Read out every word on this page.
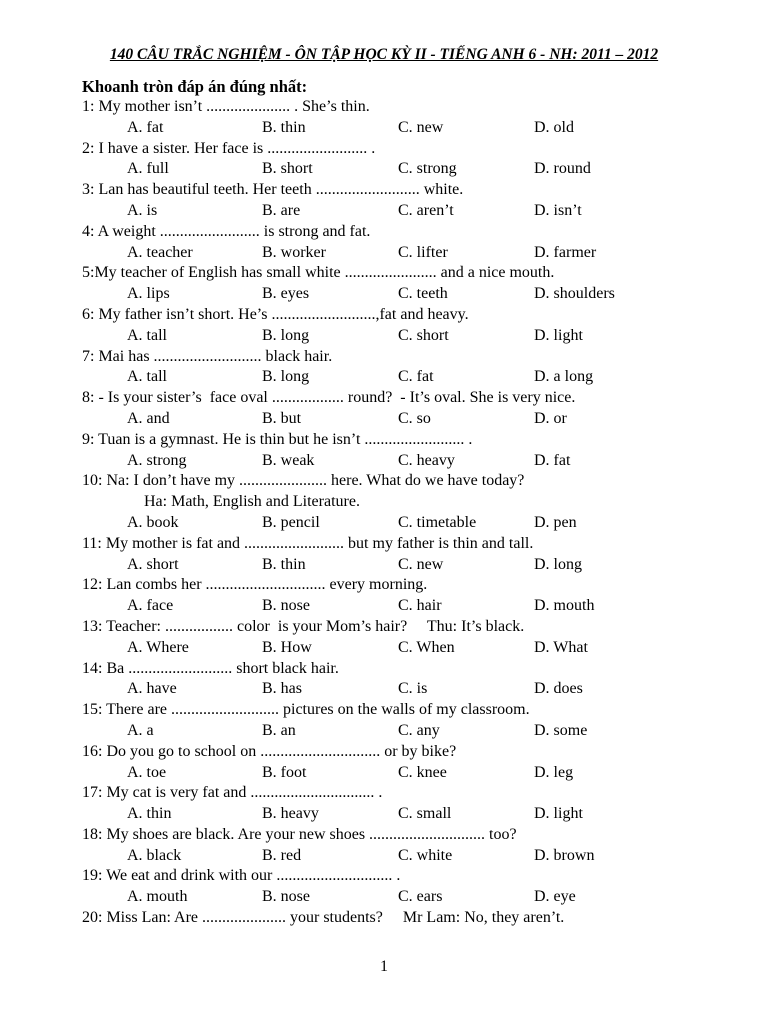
140 CÂU TRẮC NGHIỆM - ÔN TẬP HỌC KỲ II - TIẾNG ANH 6 - NH: 2011 – 2012
Khoanh tròn đáp án đúng nhất:
1: My mother isn’t ..................... . She’s thin.
A. fat	B. thin	C. new	D. old
2: I have a sister. Her face is ......................... .
A. full	B. short	C. strong	D. round
3: Lan has beautiful teeth. Her teeth .......................... white.
A. is	B. are	C. aren’t	D. isn’t
4: A weight ......................... is strong and fat.
A. teacher	B. worker	C. lifter	D. farmer
5:My teacher of English has small white ....................... and a nice mouth.
A. lips	B. eyes	C. teeth	D. shoulders
6: My father isn’t short. He’s ..........................,fat and heavy.
A. tall	B. long	C. short	D. light
7: Mai has ........................... black hair.
A. tall	B. long	C. fat	D. a long
8: - Is your sister’s  face oval .................. round?  - It’s oval. She is very nice.
A. and	B. but	C. so	D. or
9: Tuan is a gymnast. He is thin but he isn’t ......................... .
A. strong	B. weak	C. heavy	D. fat
10: Na: I don’t have my ...................... here. What do we have today?
Ha: Math, English and Literature.
A. book	B. pencil	C. timetable	D. pen
11: My mother is fat and ......................... but my father is thin and tall.
A. short	B. thin	C. new	D. long
12: Lan combs her .............................. every morning.
A. face	B. nose	C. hair	D. mouth
13: Teacher: ................. color  is your Mom’s hair?     Thu: It’s black.
A. Where	B. How	C. When	D. What
14: Ba .......................... short black hair.
A. have	B. has	C. is	D. does
15: There are ........................... pictures on the walls of my classroom.
A. a	B. an	C. any	D. some
16: Do you go to school on .............................. or by bike?
A. toe	B. foot	C. knee	D. leg
17: My cat is very fat and ............................... .
A. thin	B. heavy	C. small	D. light
18: My shoes are black. Are your new shoes ............................. too?
A. black	B. red	C. white	D. brown
19: We eat and drink with our ............................. .
A. mouth	B. nose	C. ears	D. eye
20: Miss Lan: Are ..................... your students?     Mr Lam: No, they aren’t.
1
